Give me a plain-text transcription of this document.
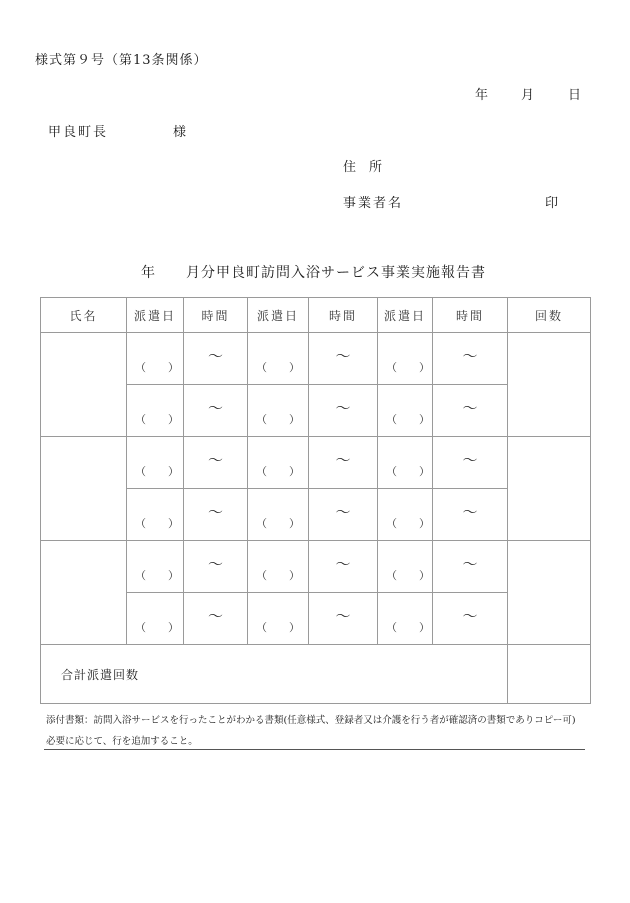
様式第９号（第13条関係）
年	月	日
甲良町長	様
住　所
事業者名	印
年 月分甲良町訪問入浴サービス事業実施報告書
氏名	派遣日	時間	派遣日	時間	派遣日	時間	回数

	（　　）	～	（　　）	～	（　　）	～	

	（　　）	～	（　　）	～	（　　）	～	

	（　　）	～	（　　）	～	（　　）	～	

	（　　）	～	（　　）	～	（　　）	～	

	（　　）	～	（　　）	～	（　　）	～	

	（　　）	～	（　　）	～	（　　）	～	

合計派遣回数							
添付書類：訪問入浴サービスを行ったことがわかる書類(任意様式、登録者又は介護を行う者が確認済の書類でありコピー可)
必要に応じて、行を追加すること。
